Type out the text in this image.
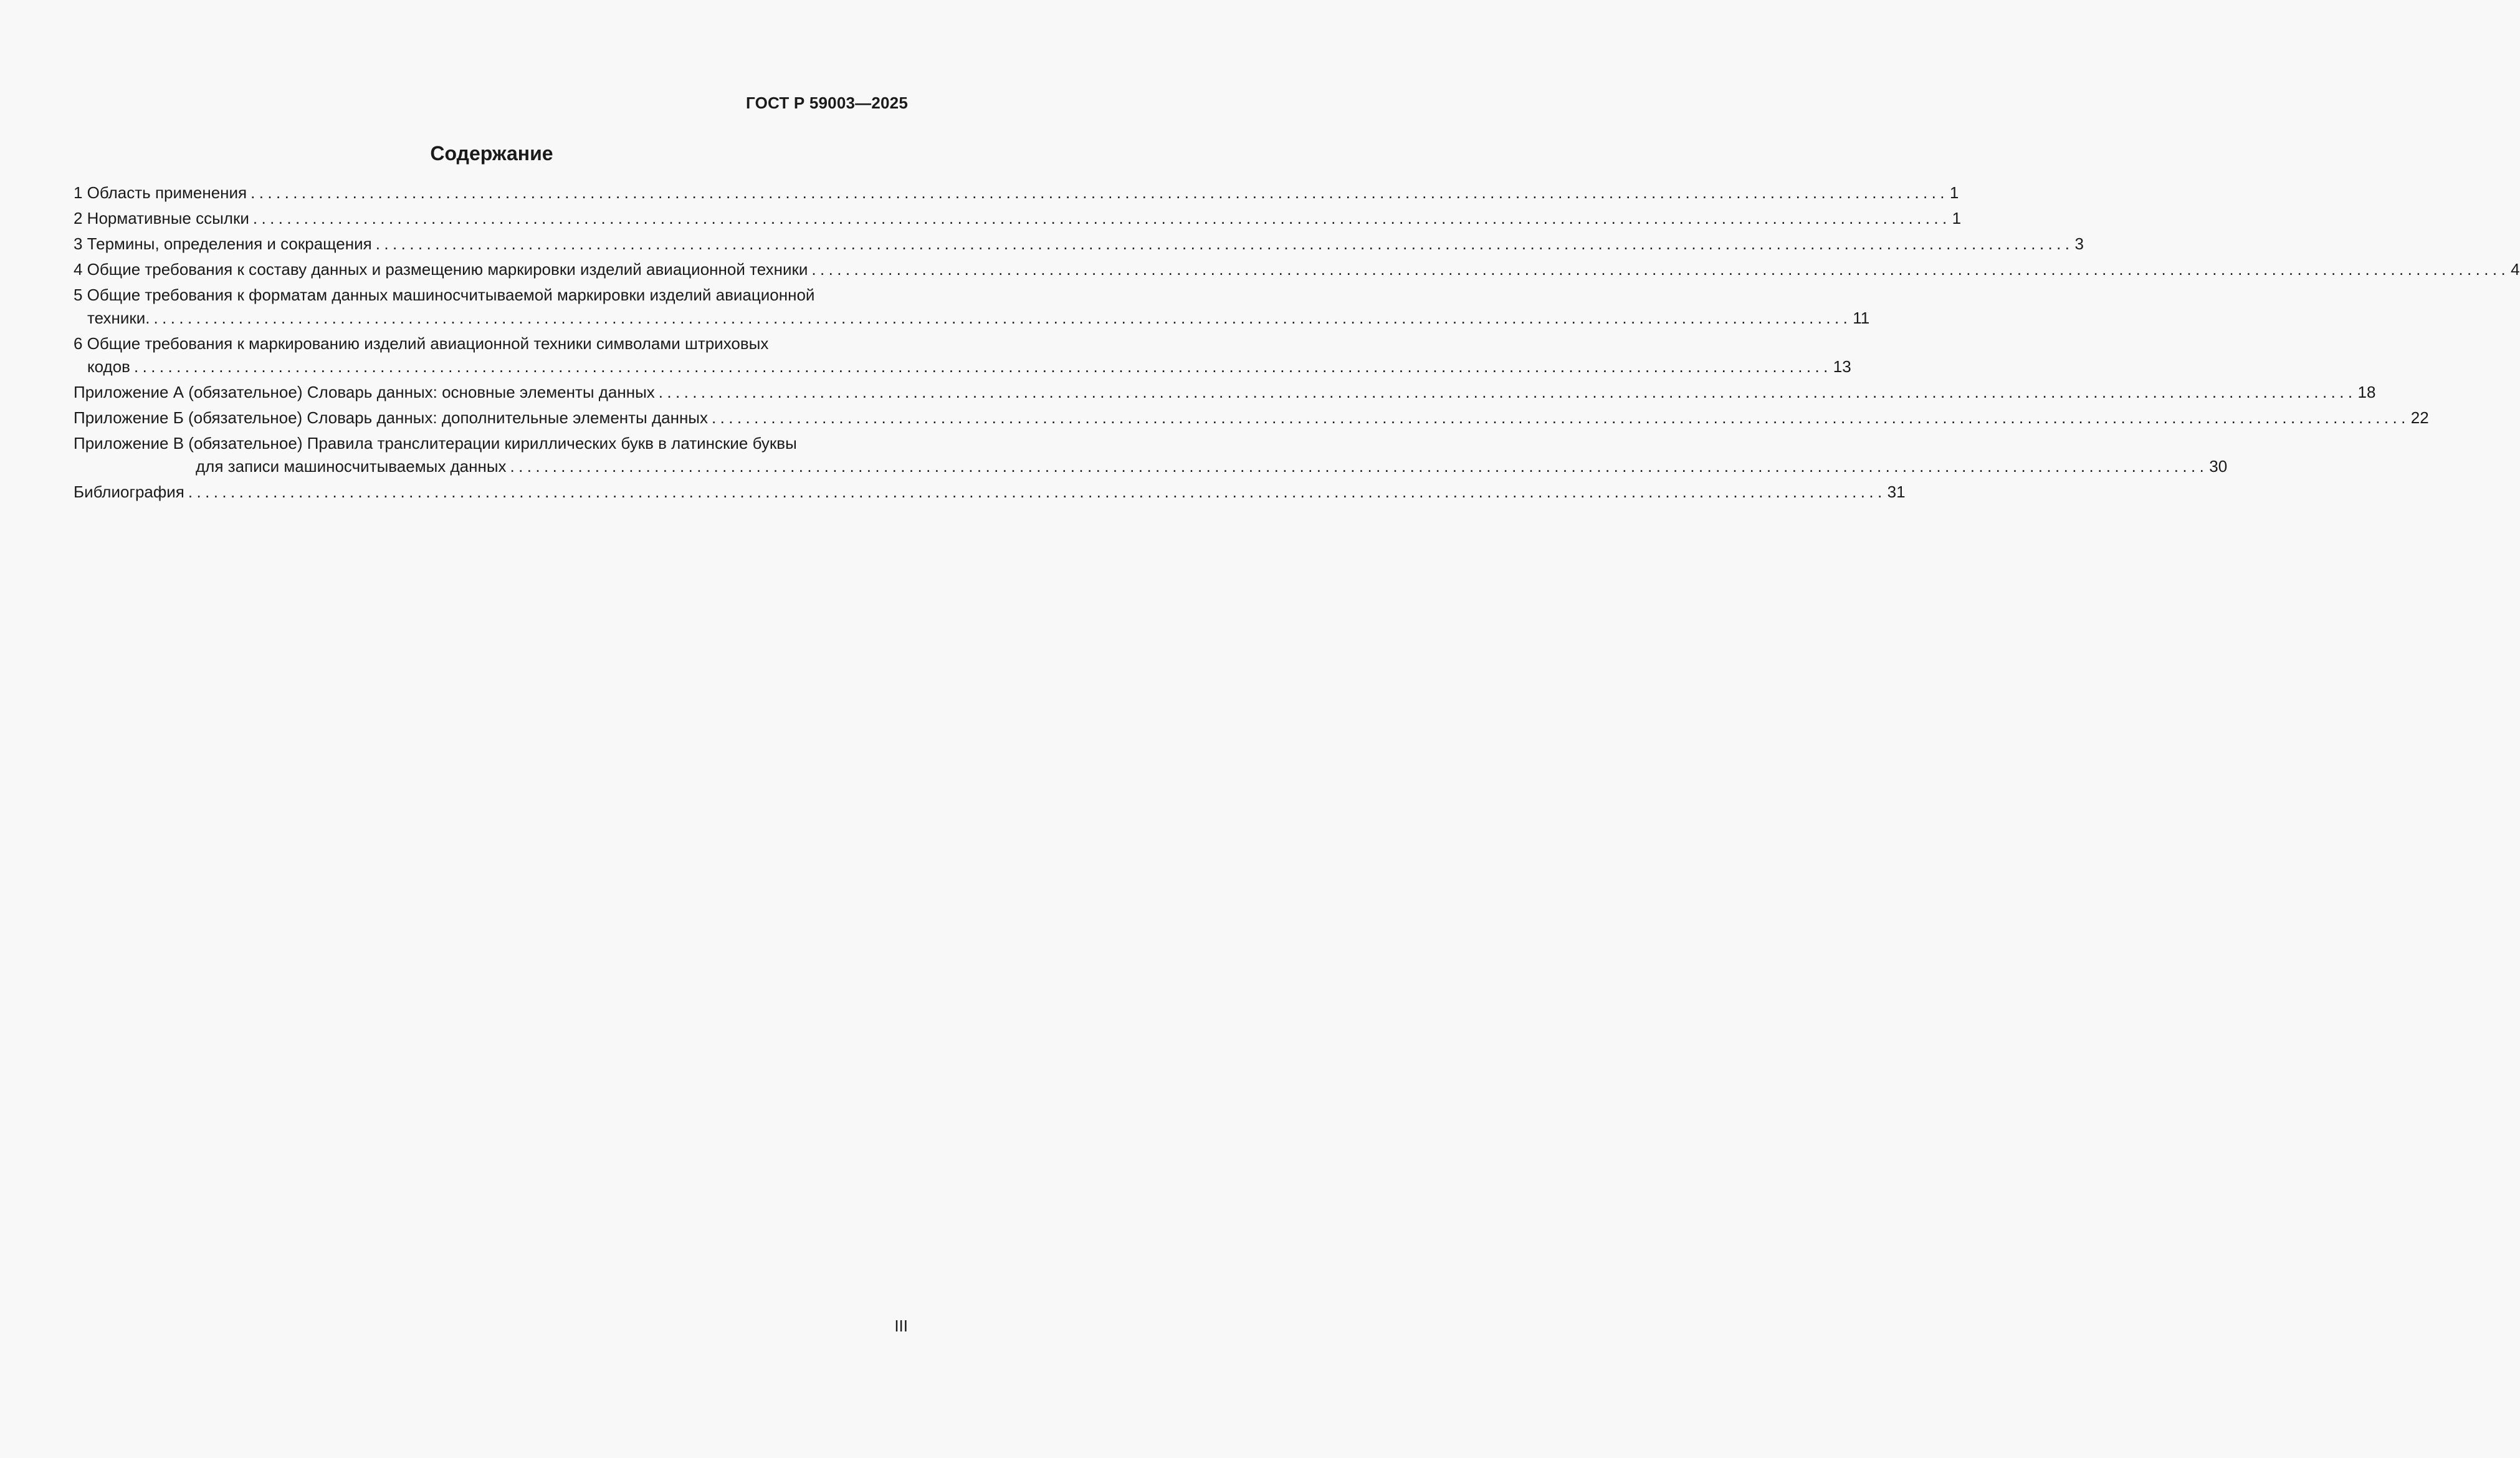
ГОСТ Р 59003—2025
Содержание
1 Область применения ........................................................................................................................................................................................................ 1
2 Нормативные ссылки ........................................................................................................................................................................................................ 1
3 Термины, определения и сокращения ........................................................................................................................................................................................................ 3
4 Общие требования к составу данных и размещению маркировки изделий авиационной техники ........................................................................................................................................................................................................ 4
5 Общие требования к форматам данных машиносчитываемой маркировки изделий авиационной
техники. ........................................................................................................................................................................................................ 11
6 Общие требования к маркированию изделий авиационной техники символами штриховых
кодов ........................................................................................................................................................................................................ 13
Приложение А (обязательное) Словарь данных: основные элементы данных ........................................................................................................................................................................................................ 18
Приложение Б (обязательное) Словарь данных: дополнительные элементы данных ........................................................................................................................................................................................................ 22
Приложение В (обязательное) Правила транслитерации кириллических букв в латинские буквы
для записи машиносчитываемых данных ........................................................................................................................................................................................................ 30
Библиография ........................................................................................................................................................................................................ 31
III
